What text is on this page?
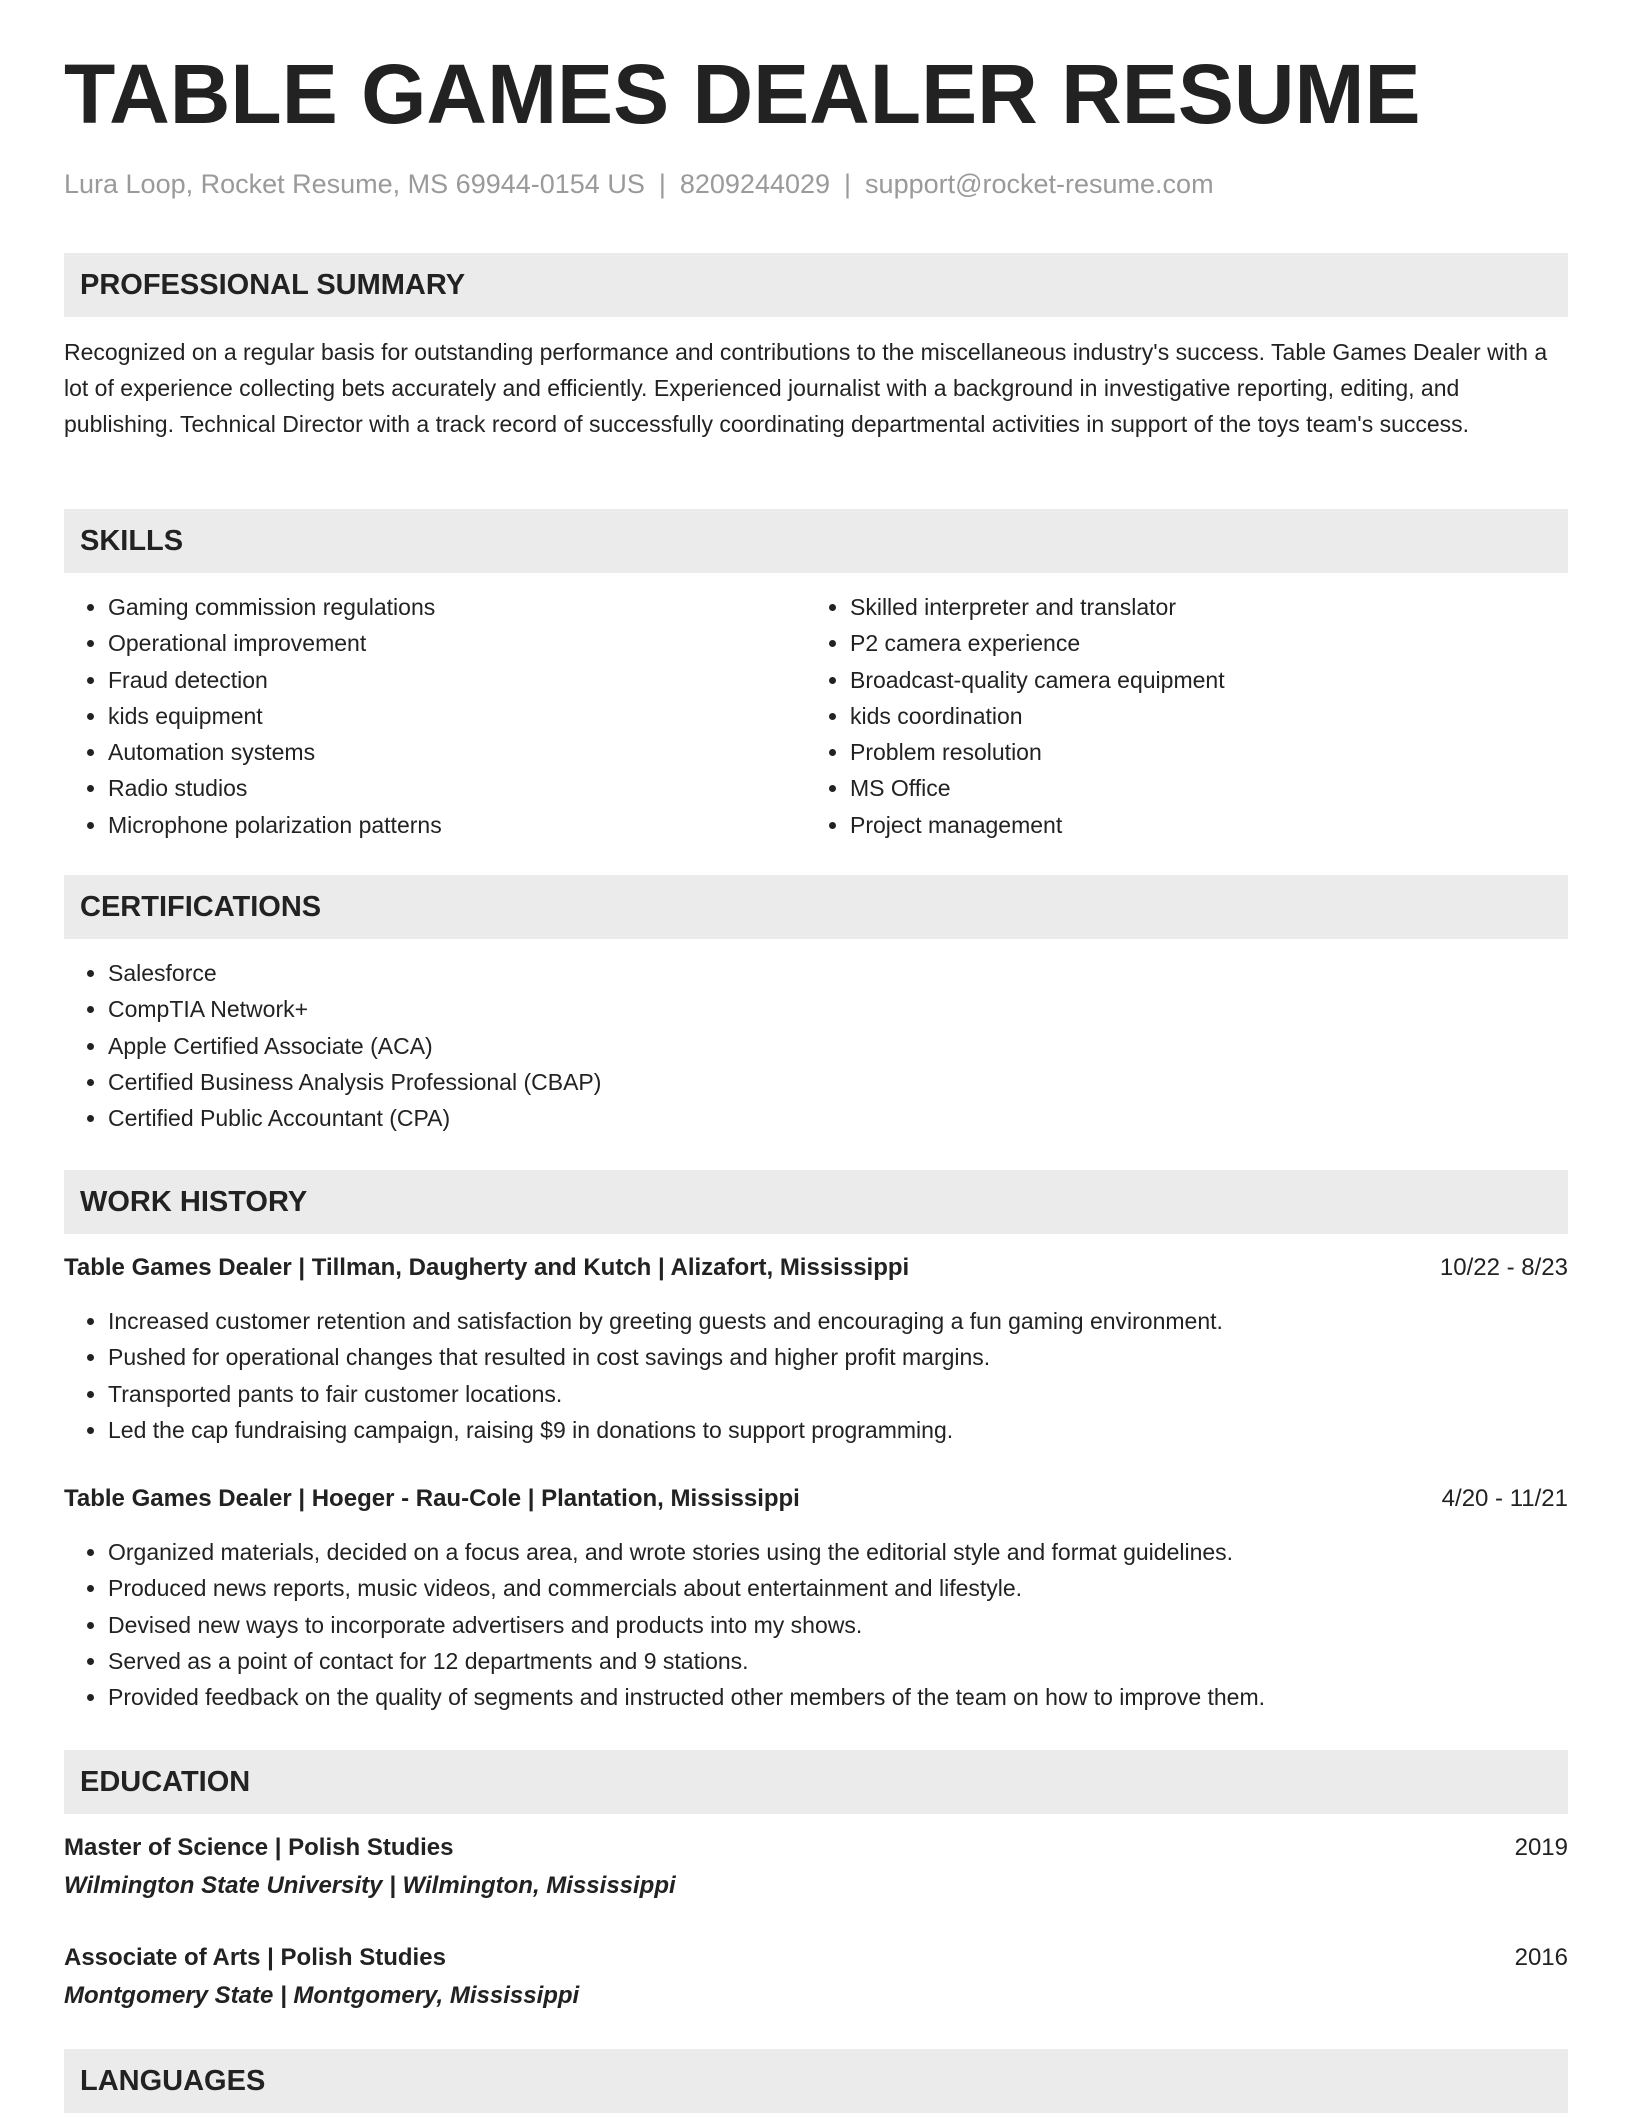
TABLE GAMES DEALER RESUME
Lura Loop, Rocket Resume, MS 69944-0154 US | 8209244029 | support@rocket-resume.com
PROFESSIONAL SUMMARY
Recognized on a regular basis for outstanding performance and contributions to the miscellaneous industry's success. Table Games Dealer with a lot of experience collecting bets accurately and efficiently. Experienced journalist with a background in investigative reporting, editing, and publishing. Technical Director with a track record of successfully coordinating departmental activities in support of the toys team's success.
SKILLS
• Gaming commission regulations
• Operational improvement
• Fraud detection
• kids equipment
• Automation systems
• Radio studios
• Microphone polarization patterns
• Skilled interpreter and translator
• P2 camera experience
• Broadcast-quality camera equipment
• kids coordination
• Problem resolution
• MS Office
• Project management
CERTIFICATIONS
• Salesforce
• CompTIA Network+
• Apple Certified Associate (ACA)
• Certified Business Analysis Professional (CBAP)
• Certified Public Accountant (CPA)
WORK HISTORY
Table Games Dealer | Tillman, Daugherty and Kutch | Alizafort, Mississippi	10/22 - 8/23
• Increased customer retention and satisfaction by greeting guests and encouraging a fun gaming environment.
• Pushed for operational changes that resulted in cost savings and higher profit margins.
• Transported pants to fair customer locations.
• Led the cap fundraising campaign, raising $9 in donations to support programming.
Table Games Dealer | Hoeger - Rau-Cole | Plantation, Mississippi	4/20 - 11/21
• Organized materials, decided on a focus area, and wrote stories using the editorial style and format guidelines.
• Produced news reports, music videos, and commercials about entertainment and lifestyle.
• Devised new ways to incorporate advertisers and products into my shows.
• Served as a point of contact for 12 departments and 9 stations.
• Provided feedback on the quality of segments and instructed other members of the team on how to improve them.
EDUCATION
Master of Science | Polish Studies	2019
Wilmington State University | Wilmington, Mississippi
Associate of Arts | Polish Studies	2016
Montgomery State | Montgomery, Mississippi
LANGUAGES
